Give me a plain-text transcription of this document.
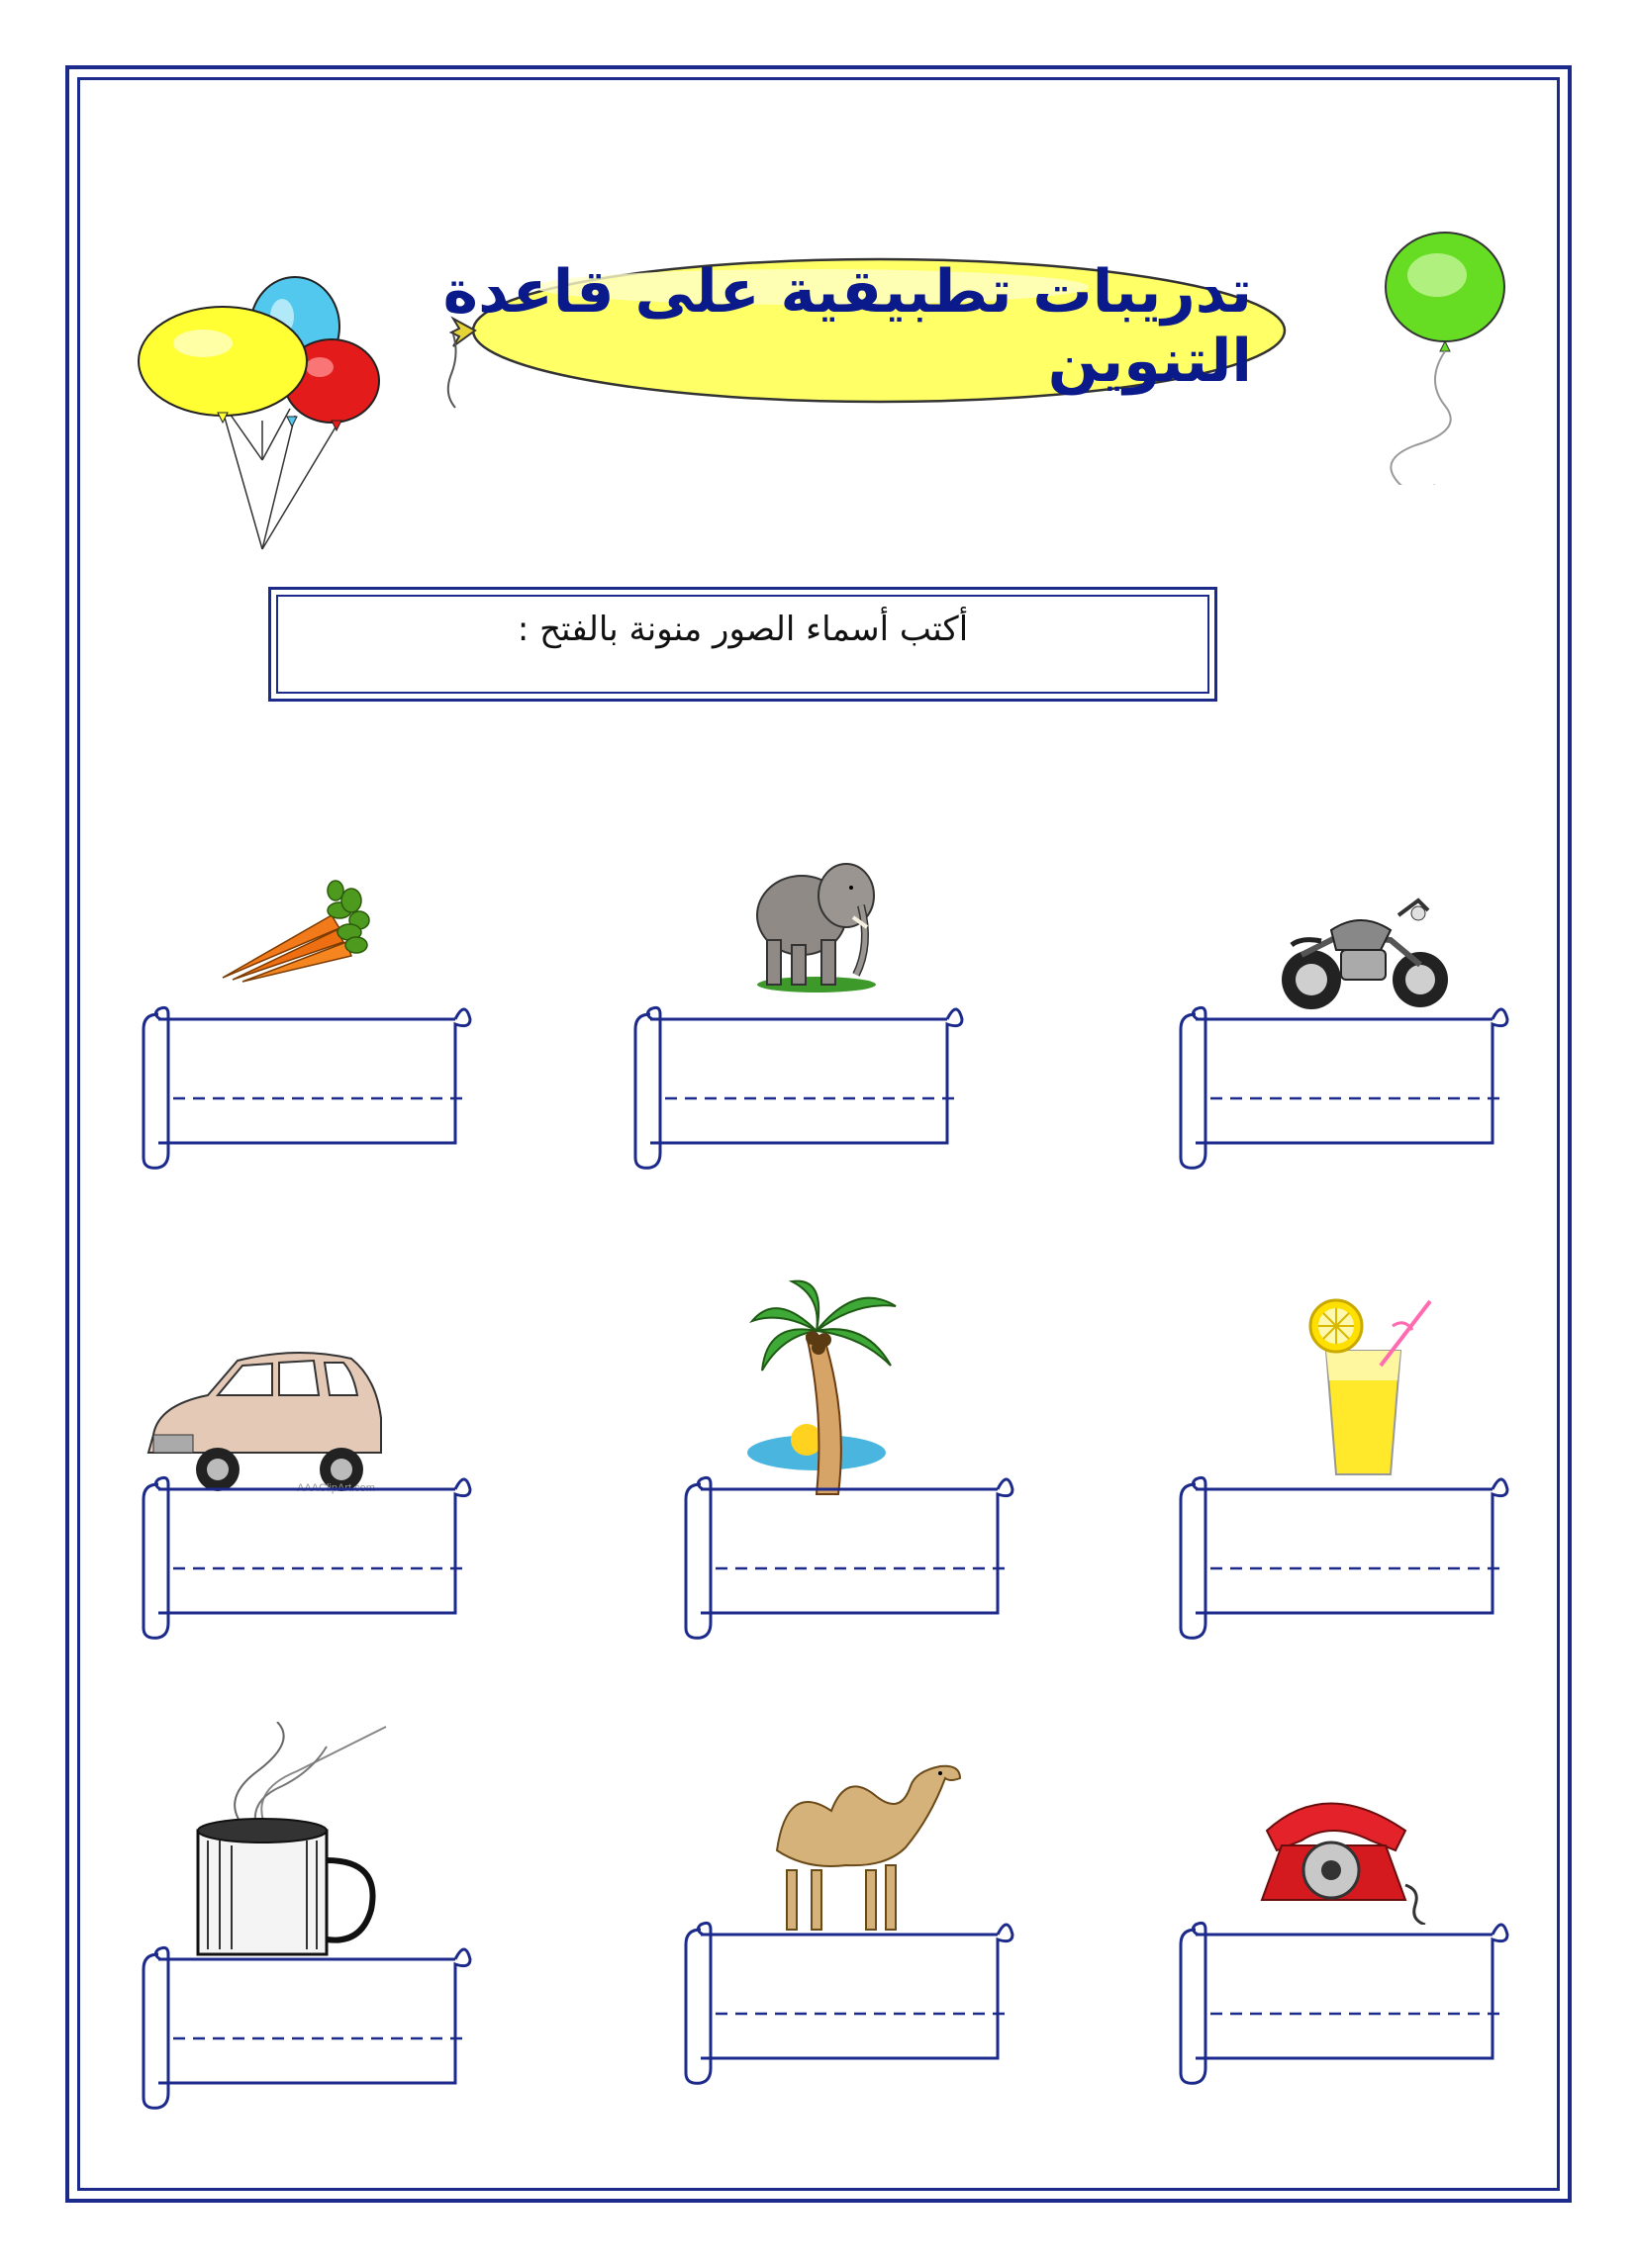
تدريبات تطبيقية على قاعدة التنوين
أكتب أسماء الصور منونة بالفتح :
AAAClipArt.com
